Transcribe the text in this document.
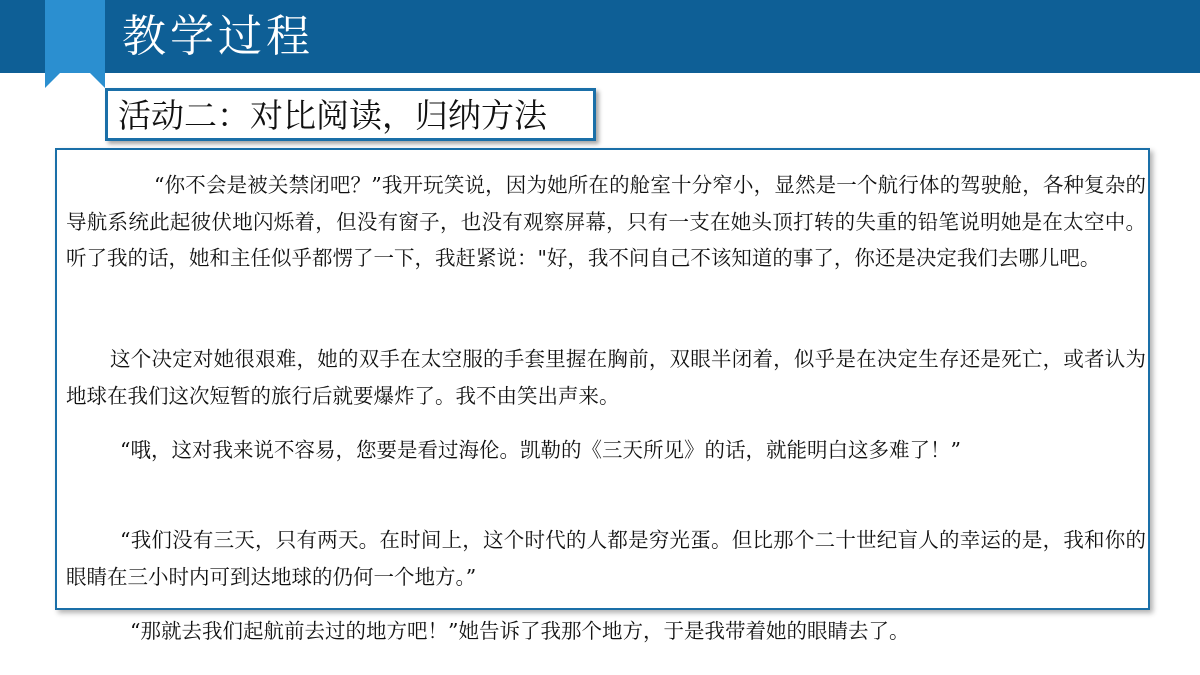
教学过程
活动二：对比阅读，归纳方法

“你不会是被关禁闭吧？”我开玩笑说，因为她所在的舱室十分窄小，显然是一个航行体的驾驶舱，各种复杂的导航系统此起彼伏地闪烁着，但没有窗子，也没有观察屏幕，只有一支在她头顶打转的失重的铅笔说明她是在太空中。听了我的话，她和主任似乎都愣了一下，我赶紧说："好，我不问自己不该知道的事了，你还是决定我们去哪儿吧。

这个决定对她很艰难，她的双手在太空服的手套里握在胸前，双眼半闭着，似乎是在决定生存还是死亡，或者认为地球在我们这次短暂的旅行后就要爆炸了。我不由笑出声来。

“哦，这对我来说不容易，您要是看过海伦。凯勒的《三天所见》的话，就能明白这多难了！”

“我们没有三天，只有两天。在时间上，这个时代的人都是穷光蛋。但比那个二十世纪盲人的幸运的是，我和你的眼睛在三小时内可到达地球的仍何一个地方。”

“那就去我们起航前去过的地方吧！”她告诉了我那个地方，于是我带着她的眼睛去了。
